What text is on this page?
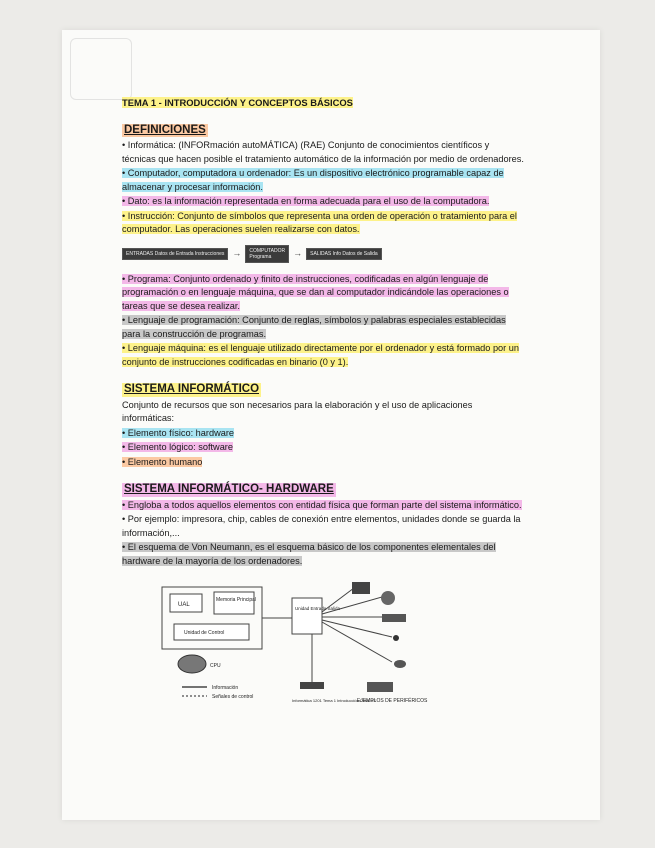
TEMA 1 - INTRODUCCIÓN Y CONCEPTOS BÁSICOS
DEFINICIONES

• Informática: (INFORmación autoMÁTICA) (RAE) Conjunto de conocimientos científicos y técnicas que hacen posible el tratamiento automático de la información por medio de ordenadores.

• Computador, computadora u ordenador: Es un dispositivo electrónico programable capaz de almacenar y procesar información.

• Dato: es la información representada en forma adecuada para el uso de la computadora.

• Instrucción: Conjunto de símbolos que representa una orden de operación o tratamiento para el computador. Las operaciones suelen realizarse con datos.

ENTRADAS Datos de Entrada Instrucciones → COMPUTADOR
Programa	→	SALIDAS Info Datos de Salida

• Programa: Conjunto ordenado y finito de instrucciones, codificadas en algún lenguaje de programación o en lenguaje máquina, que se dan al computador indicándole las operaciones o tareas que se desea realizar.

• Lenguaje de programación: Conjunto de reglas, símbolos y palabras especiales establecidas para la construcción de programas.

• Lenguaje máquina: es el lenguaje utilizado directamente por el ordenador y está formado por un conjunto de instrucciones codificadas en binario (0 y 1).

SISTEMA INFORMÁTICO

Conjunto de recursos que son necesarios para la elaboración y el uso de aplicaciones informáticas:

• Elemento físico: hardware

• Elemento lógico: software

• Elemento humano

SISTEMA INFORMÁTICO- HARDWARE

• Engloba a todos aquellos elementos con entidad física que forman parte del sistema informático.

• Por ejemplo: impresora, chip, cables de conexión entre elementos, unidades donde se guarda la información,...

• El esquema de Von Neumann, es el esquema básico de los componentes elementales del hardware de la mayoría de los ordenadores.

UAL
Memoria Principal
Unidad de Control
CPU
Unidad Entrada Salida
Informática 1201 Tema 1 Introducción DISA US
EJEMPLOS DE PERIFÉRICOS
Información
Señales de control
